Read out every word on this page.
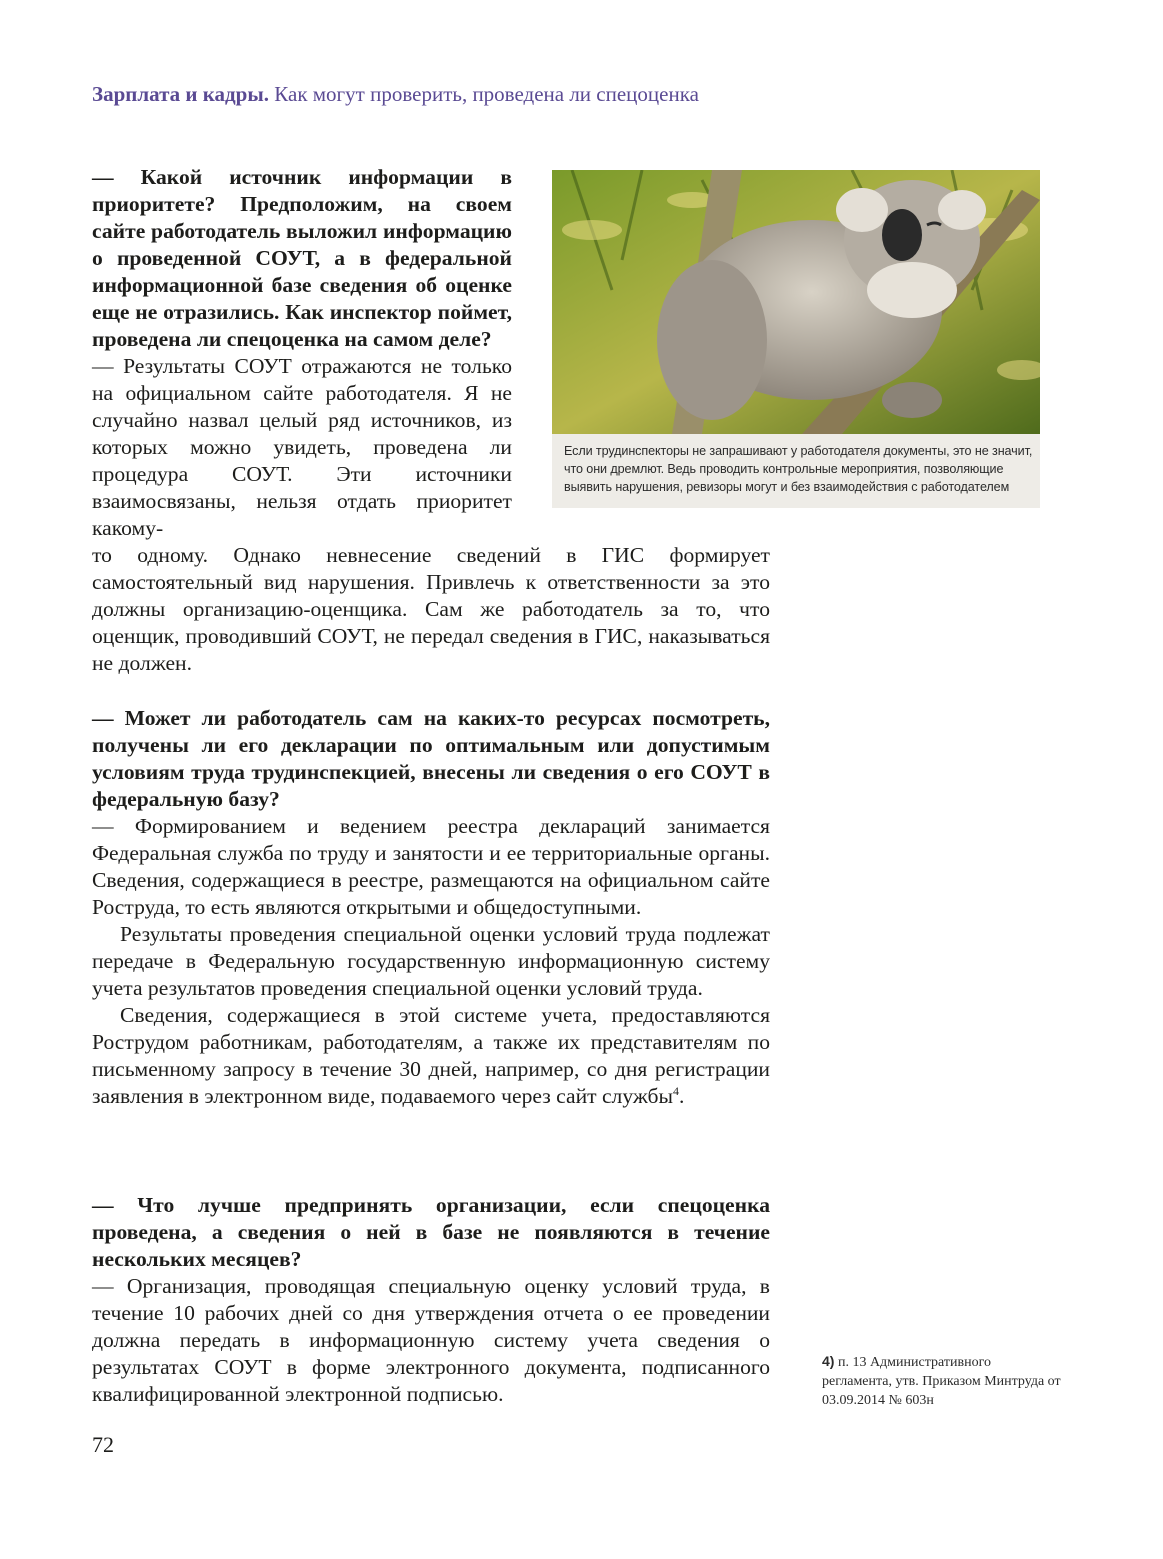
Зарплата и кадры. Как могут проверить, проведена ли спецоценка

— Какой источник информации в приоритете? Предположим, на своем сайте работодатель выложил информацию о проведенной СОУТ, а в федеральной информационной базе сведения об оценке еще не отразились. Как инспектор поймет, проведена ли спецоценка на самом деле?

— Результаты СОУТ отражаются не только на официальном сайте работодателя. Я не случайно назвал целый ряд источников, из которых можно увидеть, проведена ли процедура СОУТ. Эти источники взаимосвязаны, нельзя отдать приоритет какому-

то одному. Однако невнесение сведений в ГИС формирует самостоятельный вид нарушения. Привлечь к ответственности за это должны организацию-оценщика. Сам же работодатель за то, что оценщик, проводивший СОУТ, не передал сведения в ГИС, наказываться не должен.

Если трудинспекторы не запрашивают у работодателя документы, это не значит, что они дремлют. Ведь проводить контрольные мероприятия, позволяющие выявить нарушения, ревизоры могут и без взаимодействия с работодателем

— Может ли работодатель сам на каких-то ресурсах посмотреть, получены ли его декларации по оптимальным или допустимым условиям труда трудинспекцией, внесены ли сведения о его СОУТ в федеральную базу?

— Формированием и ведением реестра деклараций занимается Федеральная служба по труду и занятости и ее территориальные органы. Сведения, содержащиеся в реестре, размещаются на официальном сайте Роструда, то есть являются открытыми и общедоступными.

Результаты проведения специальной оценки условий труда подлежат передаче в Федеральную государственную информационную систему учета результатов проведения специальной оценки условий труда.

Сведения, содержащиеся в этой системе учета, предоставляются Рострудом работникам, работодателям, а также их представителям по письменному запросу в течение 30 дней, например, со дня регистрации заявления в электронном виде, подаваемого через сайт службы$^4$.

— Что лучше предпринять организации, если спецоценка проведена, а сведения о ней в базе не появляются в течение нескольких месяцев?

— Организация, проводящая специальную оценку условий труда, в течение 10 рабочих дней со дня утверждения отчета о ее проведении должна передать в информационную систему учета сведения о результатах СОУТ в форме электронного документа, подписанного квалифицированной электронной подписью.

4) п. 13 Административного регламента, утв. Приказом Минтруда от 03.09.2014 № 603н
72
